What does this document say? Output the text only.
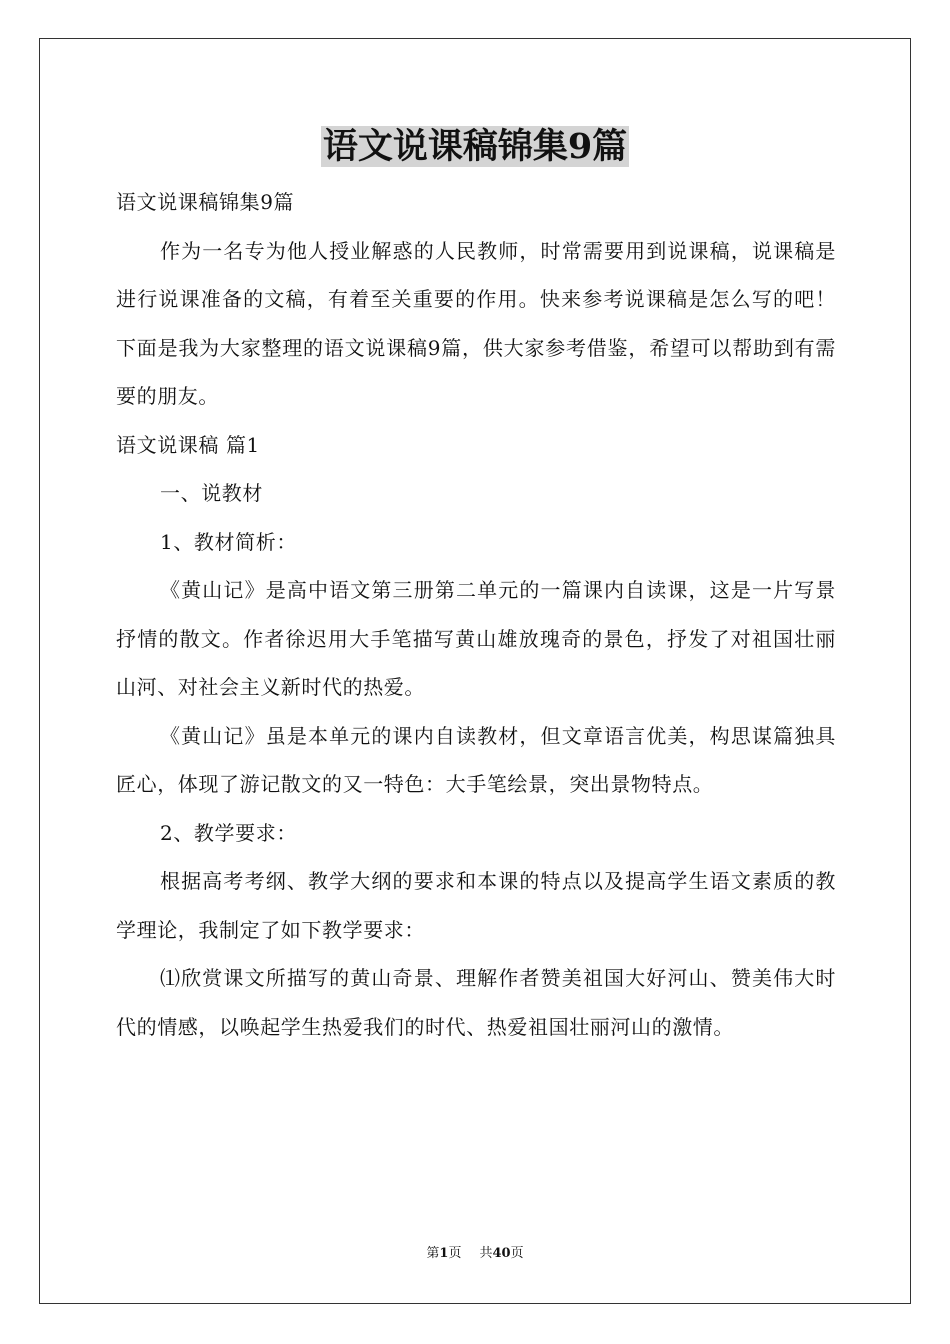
语文说课稿锦集9篇

语文说课稿锦集9篇

作为一名专为他人授业解惑的人民教师，时常需要用到说课稿，说课稿是进行说课准备的文稿，有着至关重要的作用。快来参考说课稿是怎么写的吧！下面是我为大家整理的语文说课稿9篇，供大家参考借鉴，希望可以帮助到有需要的朋友。

语文说课稿 篇1

一、说教材

1、教材简析：

《黄山记》是高中语文第三册第二单元的一篇课内自读课，这是一片写景抒情的散文。作者徐迟用大手笔描写黄山雄放瑰奇的景色，抒发了对祖国壮丽山河、对社会主义新时代的热爱。

《黄山记》虽是本单元的课内自读教材，但文章语言优美，构思谋篇独具匠心，体现了游记散文的又一特色：大手笔绘景，突出景物特点。

2、教学要求：

根据高考考纲、教学大纲的要求和本课的特点以及提高学生语文素质的教学理论，我制定了如下教学要求：

⑴欣赏课文所描写的黄山奇景、理解作者赞美祖国大好河山、赞美伟大时代的情感，以唤起学生热爱我们的时代、热爱祖国壮丽河山的激情。

第1页 共40页
